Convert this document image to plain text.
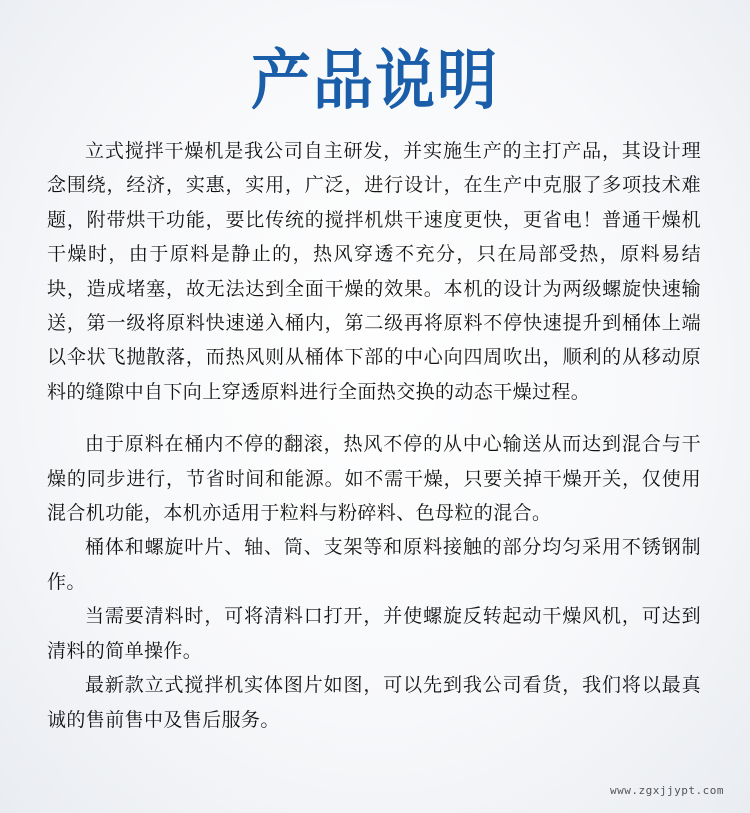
产品说明

立式搅拌干燥机是我公司自主研发，并实施生产的主打产品，其设计理念围绕，经济，实惠，实用，广泛，进行设计，在生产中克服了多项技术难题，附带烘干功能，要比传统的搅拌机烘干速度更快，更省电！普通干燥机干燥时，由于原料是静止的，热风穿透不充分，只在局部受热，原料易结块，造成堵塞，故无法达到全面干燥的效果。本机的设计为两级螺旋快速输送，第一级将原料快速递入桶内，第二级再将原料不停快速提升到桶体上端以伞状飞抛散落，而热风则从桶体下部的中心向四周吹出，顺利的从移动原料的缝隙中自下向上穿透原料进行全面热交换的动态干燥过程。

由于原料在桶内不停的翻滚，热风不停的从中心输送从而达到混合与干燥的同步进行，节省时间和能源。如不需干燥，只要关掉干燥开关，仅使用混合机功能，本机亦适用于粒料与粉碎料、色母粒的混合。

桶体和螺旋叶片、轴、筒、支架等和原料接触的部分均匀采用不锈钢制作。

当需要清料时，可将清料口打开，并使螺旋反转起动干燥风机，可达到清料的简单操作。

最新款立式搅拌机实体图片如图，可以先到我公司看货，我们将以最真诚的售前售中及售后服务。

www.zgxjjypt.com
